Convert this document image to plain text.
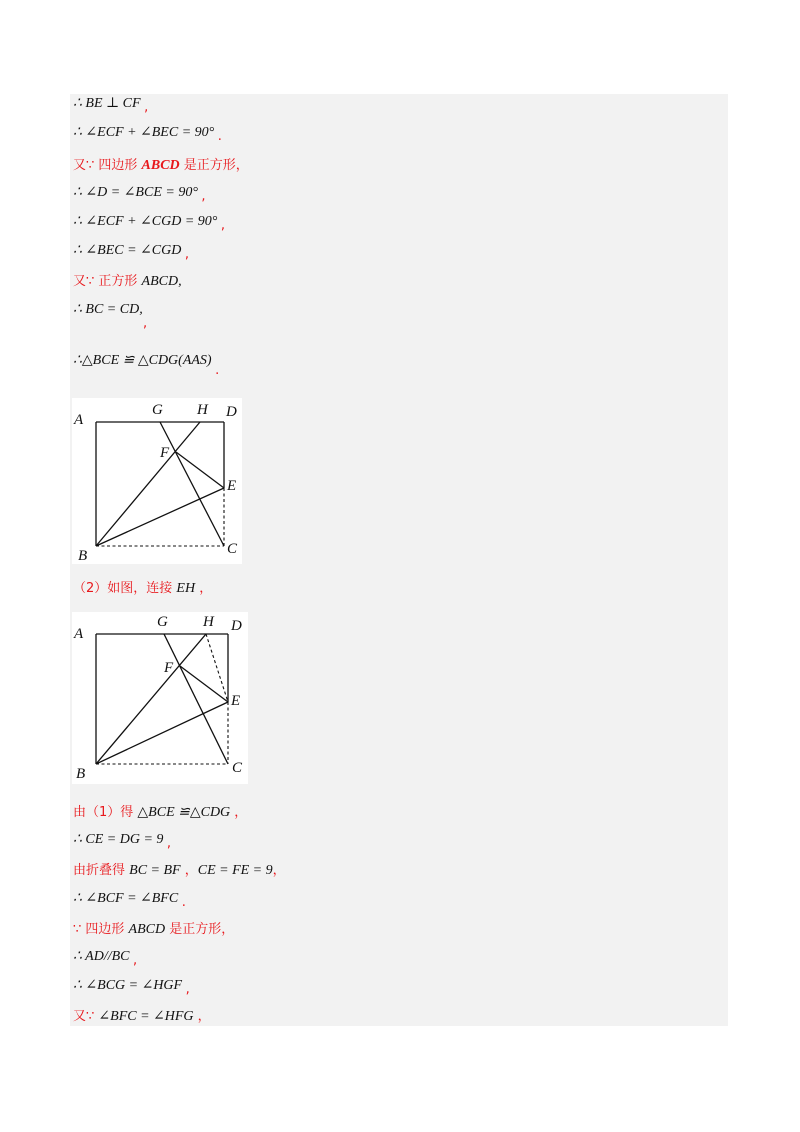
∴ BE ⊥ CF ,
∴ ∠ECF + ∠BEC = 90° .
又∵ 四边形 ABCD 是正方形，
∴ ∠D = ∠BCE = 90° ,
∴ ∠ECF + ∠CGD = 90° ,
∴ ∠BEC = ∠CGD ,
又∵ 正方形 ABCD,
∴ BC = CD,
,
∴△BCE ≌ △CDG(AAS) .
A
G H D
F
E
B	C
（2）如图，连接 EH ，
A
G H D
F
E
B	C
由（1）得 △BCE ≌△CDG ，
∴ CE = DG = 9 ,
由折叠得 BC = BF ，CE = FE = 9，
∴ ∠BCF = ∠BFC .
∵ 四边形 ABCD 是正方形，
∴ AD//BC ,
∴ ∠BCG = ∠HGF ,
又∵ ∠BFC = ∠HFG ，
